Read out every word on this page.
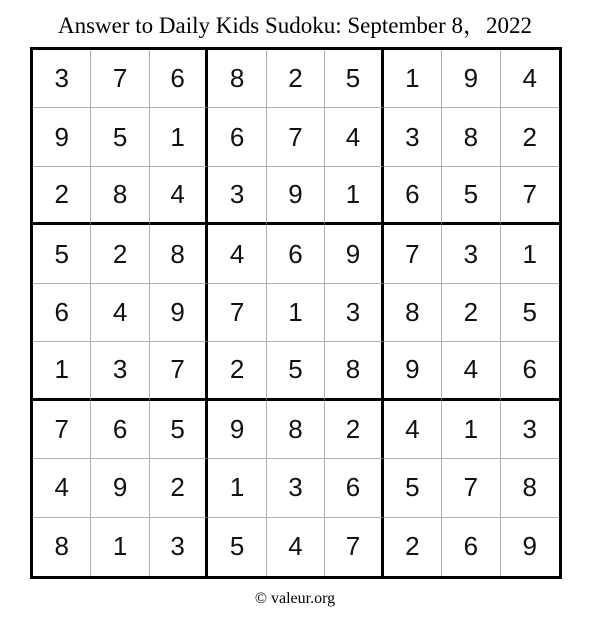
Answer to Daily Kids Sudoku: September 8，2022
3	7	6	8	2	5	1	9	4
9	5	1	6	7	4	3	8	2
2	8	4	3	9	1	6	5	7
5	2	8	4	6	9	7	3	1
6	4	9	7	1	3	8	2	5
1	3	7	2	5	8	9	4	6
7	6	5	9	8	2	4	1	3
4	9	2	1	3	6	5	7	8
8	1	3	5	4	7	2	6	9
© valeur.org
